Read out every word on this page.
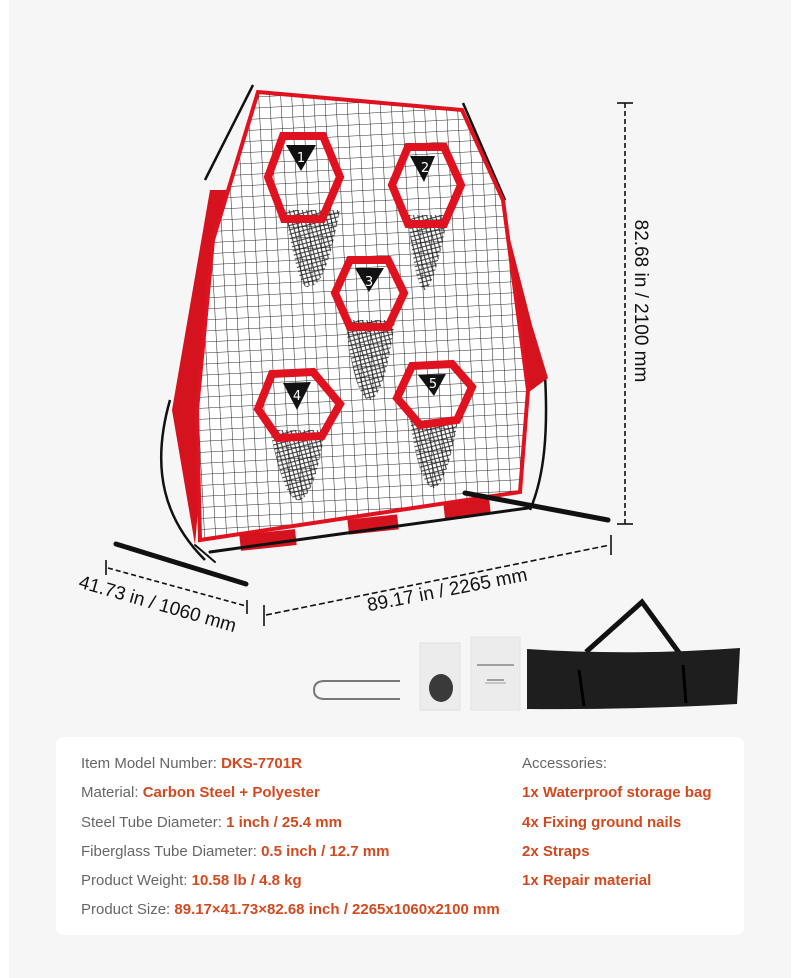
1
2
3
4
5
82.68 in / 2100 mm
41.73 in / 1060 mm	89.17 in / 2265 mm
Item Model Number: DKS-7701R
Material: Carbon Steel + Polyester
Steel Tube Diameter: 1 inch / 25.4 mm
Fiberglass Tube Diameter: 0.5 inch / 12.7 mm
Product Weight: 10.58 lb / 4.8 kg
Product Size: 89.17×41.73×82.68 inch / 2265x1060x2100 mm
Accessories:
1x Waterproof storage bag
4x Fixing ground nails
2x Straps
1x Repair material
